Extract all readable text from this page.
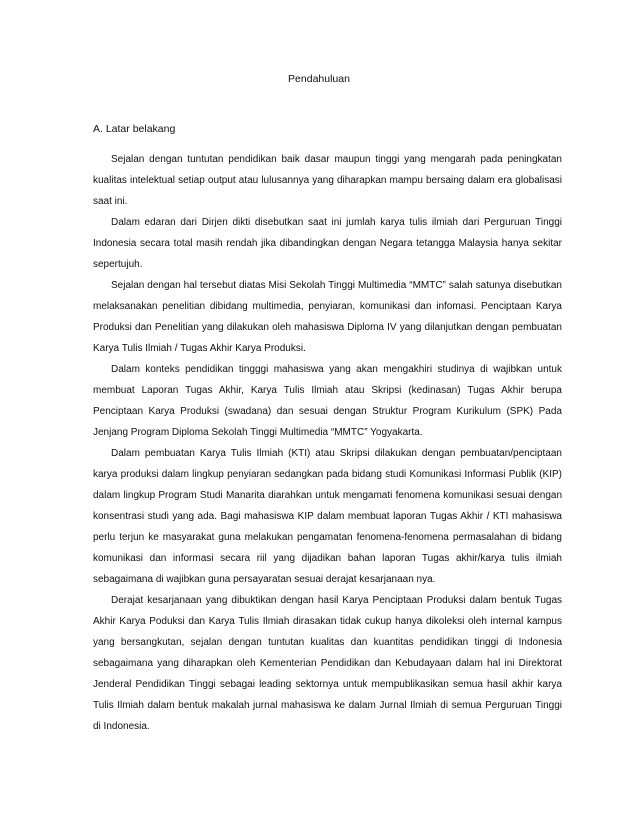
Pendahuluan
A. Latar belakang

Sejalan dengan tuntutan pendidikan baik dasar maupun tinggi yang mengarah pada peningkatan kualitas intelektual setiap output atau lulusannya yang diharapkan mampu bersaing dalam era globalisasi saat ini.

Dalam edaran dari Dirjen dikti disebutkan saat ini jumlah karya tulis ilmiah dari Perguruan Tinggi Indonesia secara total masih rendah jika dibandingkan dengan Negara tetangga Malaysia hanya sekitar sepertujuh.

Sejalan dengan hal tersebut diatas Misi Sekolah Tinggi Multimedia “MMTC” salah satunya disebutkan melaksanakan penelitian dibidang multimedia, penyiaran, komunikasi dan infomasi. Penciptaan Karya Produksi dan Penelitian yang dilakukan oleh mahasiswa Diploma IV yang dilanjutkan dengan pembuatan Karya Tulis Ilmiah / Tugas Akhir Karya Produksi.

Dalam konteks pendidikan tingggi mahasiswa yang akan mengakhiri studinya di wajibkan untuk membuat Laporan Tugas Akhir, Karya Tulis Ilmiah atau Skripsi (kedinasan) Tugas Akhir berupa Penciptaan Karya Produksi (swadana) dan sesuai dengan Struktur Program Kurikulum (SPK) Pada Jenjang Program Diploma Sekolah Tinggi Multimedia “MMTC” Yogyakarta.

Dalam pembuatan Karya Tulis Ilmiah (KTI) atau Skripsi dilakukan dengan pembuatan/penciptaan karya produksi dalam lingkup penyiaran sedangkan pada bidang studi Komunikasi Informasi Publik (KIP) dalam lingkup Program Studi Manarita diarahkan untuk mengamati fenomena komunikasi sesuai dengan konsentrasi studi yang ada. Bagi mahasiswa KIP dalam membuat laporan Tugas Akhir / KTI mahasiswa perlu terjun ke masyarakat guna melakukan pengamatan fenomena-fenomena permasalahan di bidang komunikasi dan informasi secara riil yang dijadikan bahan laporan Tugas akhir/karya tulis ilmiah sebagaimana di wajibkan guna persayaratan sesuai derajat kesarjanaan nya.

Derajat kesarjanaan yang dibuktikan dengan hasil Karya Penciptaan Produksi dalam bentuk Tugas Akhir Karya Poduksi dan Karya Tulis Ilmiah dirasakan tidak cukup hanya dikoleksi oleh internal kampus yang bersangkutan, sejalan dengan tuntutan kualitas dan kuantitas pendidikan tinggi di Indonesia sebagaimana yang diharapkan oleh Kementerian Pendidikan dan Kebudayaan dalam hal ini Direktorat Jenderal Pendidikan Tinggi sebagai leading sektornya untuk mempublikasikan semua hasil akhir karya Tulis Ilmiah dalam bentuk makalah jurnal mahasiswa ke dalam Jurnal Ilmiah di semua Perguruan Tinggi di Indonesia.
